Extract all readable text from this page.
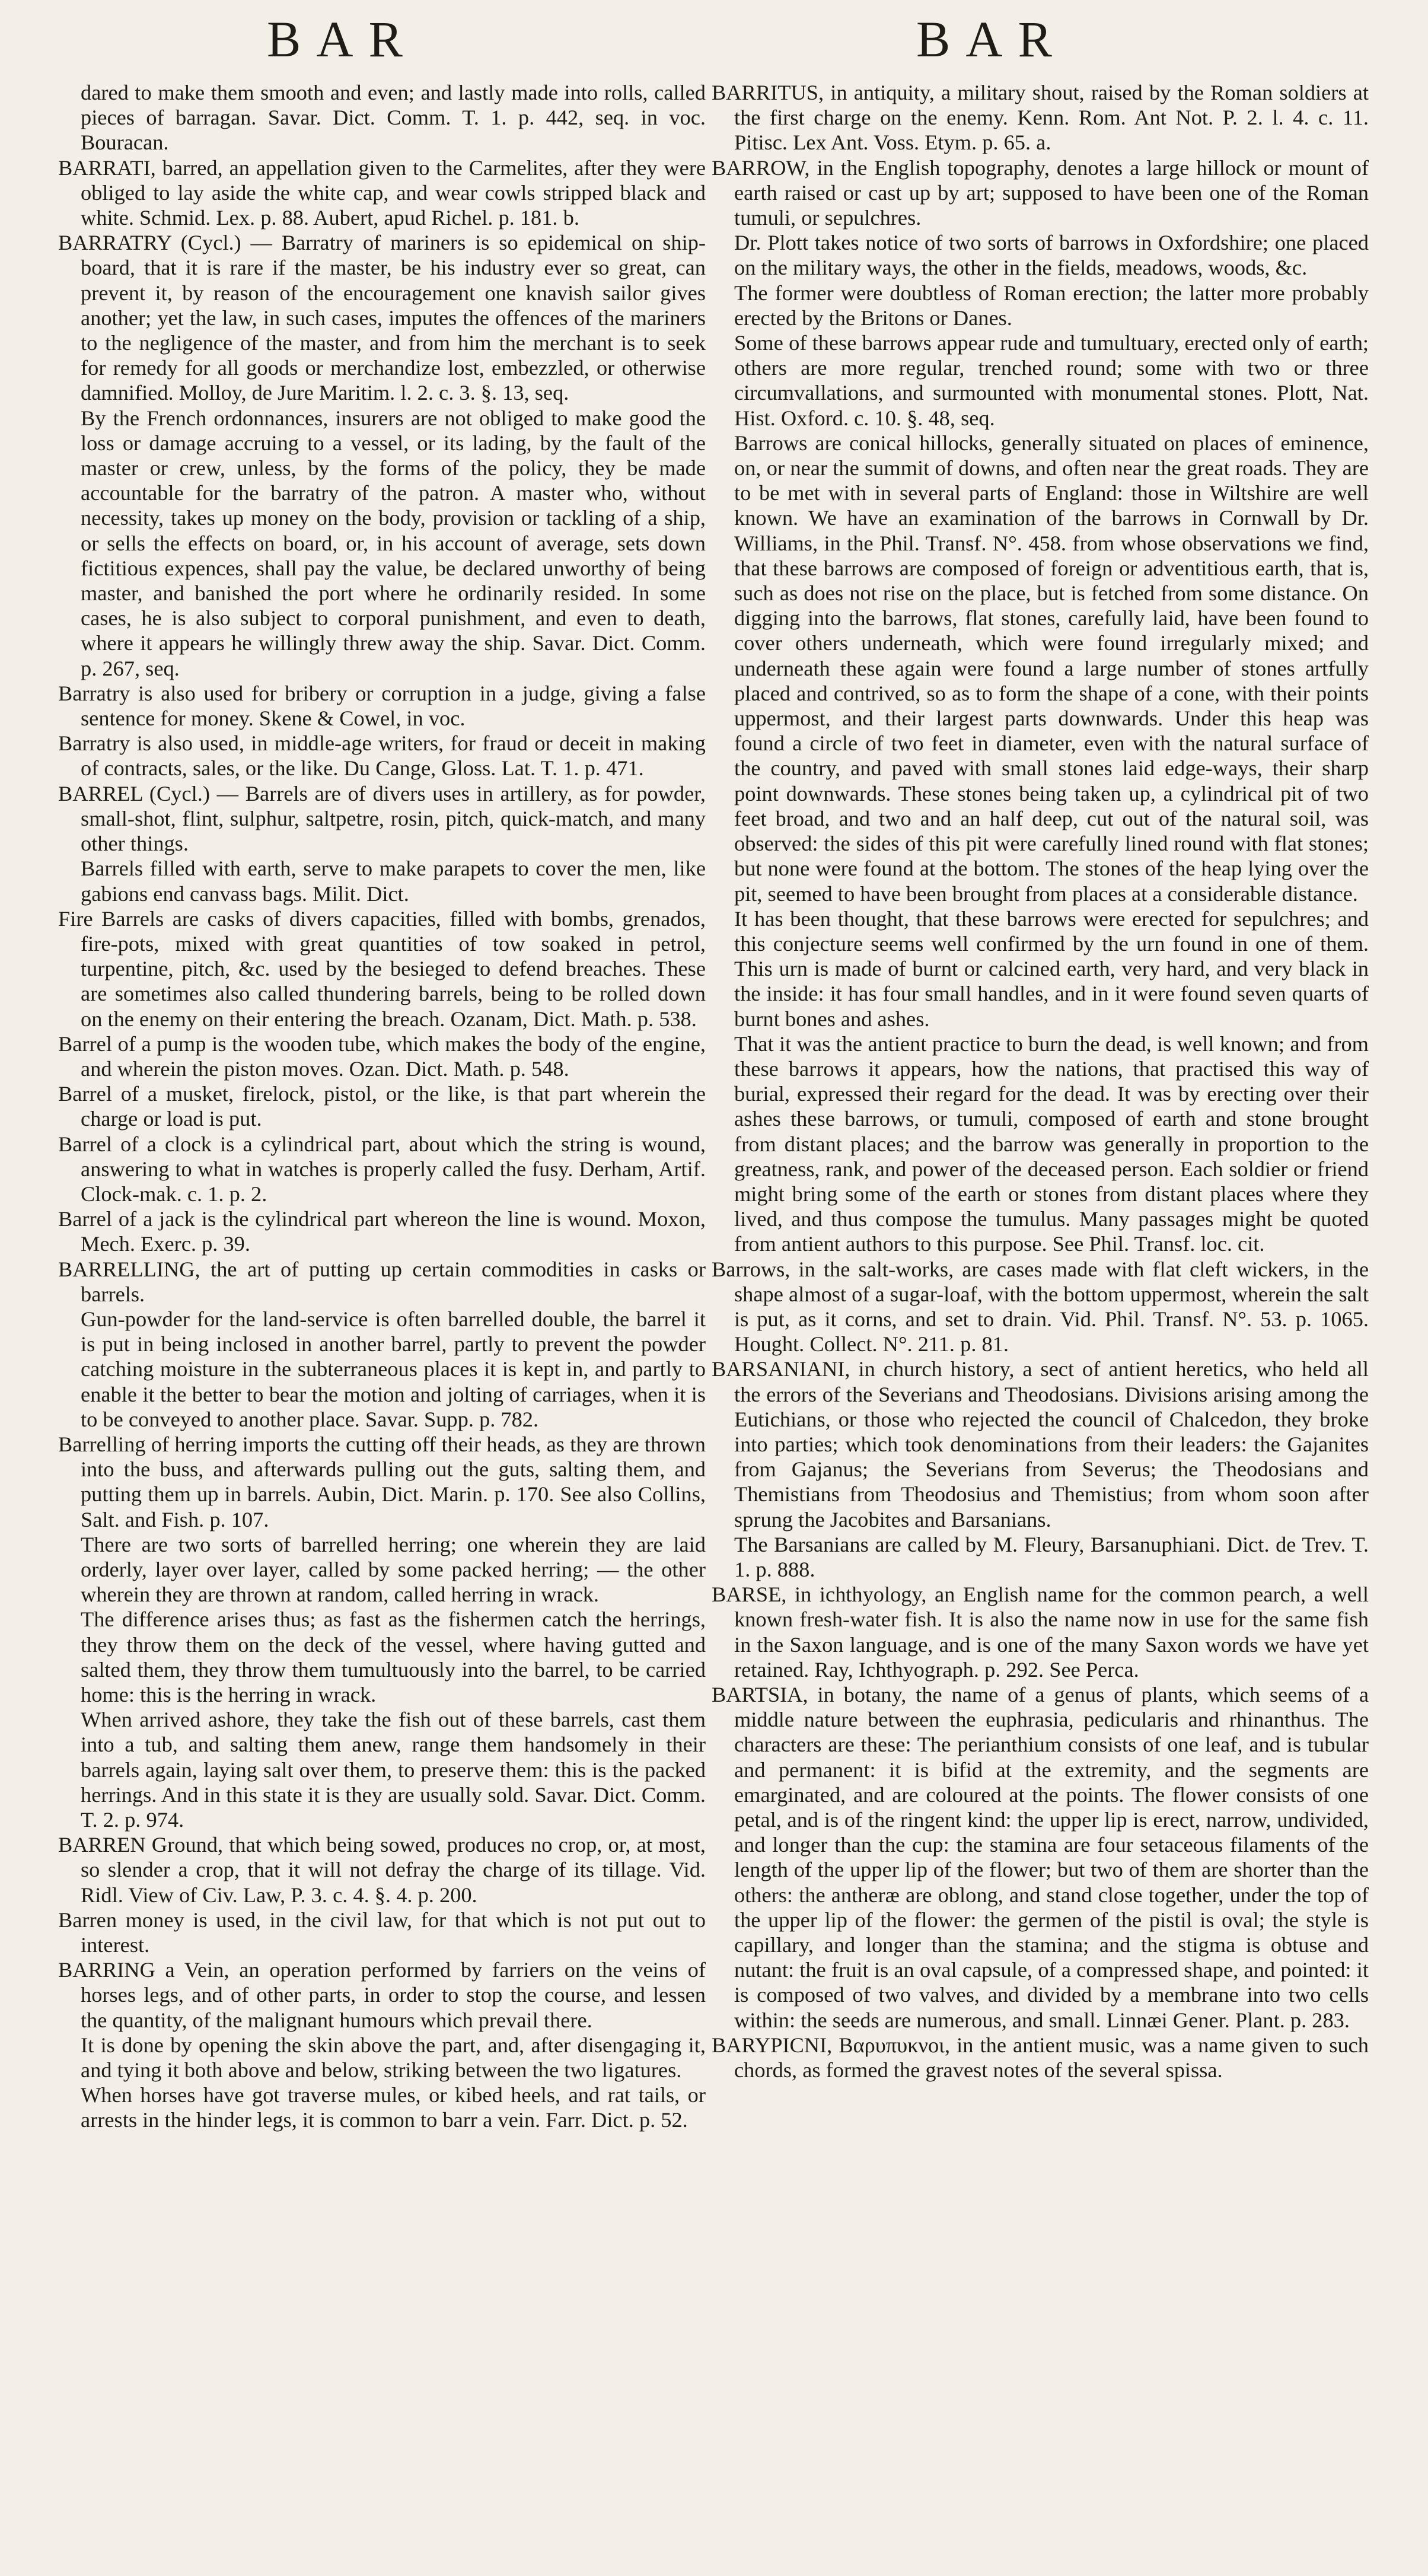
BAR	BAR

dared to make them smooth and even; and lastly made into rolls, called pieces of barragan. Savar. Dict. Comm. T. 1. p. 442, seq. in voc. Bouracan.

BARRATI, barred, an appellation given to the Carmelites, after they were obliged to lay aside the white cap, and wear cowls stripped black and white. Schmid. Lex. p. 88. Aubert, apud Richel. p. 181. b.

BARRATRY (Cycl.) — Barratry of mariners is so epidemical on ship-board, that it is rare if the master, be his industry ever so great, can prevent it, by reason of the encouragement one knavish sailor gives another; yet the law, in such cases, imputes the offences of the mariners to the negligence of the master, and from him the merchant is to seek for remedy for all goods or merchandize lost, embezzled, or otherwise damnified. Molloy, de Jure Maritim. l. 2. c. 3. §. 13, seq.

By the French ordonnances, insurers are not obliged to make good the loss or damage accruing to a vessel, or its lading, by the fault of the master or crew, unless, by the forms of the policy, they be made accountable for the barratry of the patron. A master who, without necessity, takes up money on the body, provision or tackling of a ship, or sells the effects on board, or, in his account of average, sets down fictitious expences, shall pay the value, be declared unworthy of being master, and banished the port where he ordinarily resided. In some cases, he is also subject to corporal punishment, and even to death, where it appears he willingly threw away the ship. Savar. Dict. Comm. p. 267, seq.

Barratry is also used for bribery or corruption in a judge, giving a false sentence for money. Skene & Cowel, in voc.

Barratry is also used, in middle-age writers, for fraud or deceit in making of contracts, sales, or the like. Du Cange, Gloss. Lat. T. 1. p. 471.

BARREL (Cycl.) — Barrels are of divers uses in artillery, as for powder, small-shot, flint, sulphur, saltpetre, rosin, pitch, quick-match, and many other things.

Barrels filled with earth, serve to make parapets to cover the men, like gabions end canvass bags. Milit. Dict.

Fire Barrels are casks of divers capacities, filled with bombs, grenados, fire-pots, mixed with great quantities of tow soaked in petrol, turpentine, pitch, &c. used by the besieged to defend breaches. These are sometimes also called thundering barrels, being to be rolled down on the enemy on their entering the breach. Ozanam, Dict. Math. p. 538.

Barrel of a pump is the wooden tube, which makes the body of the engine, and wherein the piston moves. Ozan. Dict. Math. p. 548.

Barrel of a musket, firelock, pistol, or the like, is that part wherein the charge or load is put.

Barrel of a clock is a cylindrical part, about which the string is wound, answering to what in watches is properly called the fusy. Derham, Artif. Clock-mak. c. 1. p. 2.

Barrel of a jack is the cylindrical part whereon the line is wound. Moxon, Mech. Exerc. p. 39.

BARRELLING, the art of putting up certain commodities in casks or barrels.

Gun-powder for the land-service is often barrelled double, the barrel it is put in being inclosed in another barrel, partly to prevent the powder catching moisture in the subterraneous places it is kept in, and partly to enable it the better to bear the motion and jolting of carriages, when it is to be conveyed to another place. Savar. Supp. p. 782.

Barrelling of herring imports the cutting off their heads, as they are thrown into the buss, and afterwards pulling out the guts, salting them, and putting them up in barrels. Aubin, Dict. Marin. p. 170. See also Collins, Salt. and Fish. p. 107.

There are two sorts of barrelled herring; one wherein they are laid orderly, layer over layer, called by some packed herring; — the other wherein they are thrown at random, called herring in wrack.

The difference arises thus; as fast as the fishermen catch the herrings, they throw them on the deck of the vessel, where having gutted and salted them, they throw them tumultuously into the barrel, to be carried home: this is the herring in wrack.

When arrived ashore, they take the fish out of these barrels, cast them into a tub, and salting them anew, range them handsomely in their barrels again, laying salt over them, to preserve them: this is the packed herrings. And in this state it is they are usually sold. Savar. Dict. Comm. T. 2. p. 974.

BARREN Ground, that which being sowed, produces no crop, or, at most, so slender a crop, that it will not defray the charge of its tillage. Vid. Ridl. View of Civ. Law, P. 3. c. 4. §. 4. p. 200.

Barren money is used, in the civil law, for that which is not put out to interest.

BARRING a Vein, an operation performed by farriers on the veins of horses legs, and of other parts, in order to stop the course, and lessen the quantity, of the malignant humours which prevail there.

It is done by opening the skin above the part, and, after disengaging it, and tying it both above and below, striking between the two ligatures.

When horses have got traverse mules, or kibed heels, and rat tails, or arrests in the hinder legs, it is common to barr a vein. Farr. Dict. p. 52.

BARRITUS, in antiquity, a military shout, raised by the Roman soldiers at the first charge on the enemy. Kenn. Rom. Ant Not. P. 2. l. 4. c. 11. Pitisc. Lex Ant. Voss. Etym. p. 65. a.

BARROW, in the English topography, denotes a large hillock or mount of earth raised or cast up by art; supposed to have been one of the Roman tumuli, or sepulchres.

Dr. Plott takes notice of two sorts of barrows in Oxfordshire; one placed on the military ways, the other in the fields, meadows, woods, &c.

The former were doubtless of Roman erection; the latter more probably erected by the Britons or Danes.

Some of these barrows appear rude and tumultuary, erected only of earth; others are more regular, trenched round; some with two or three circumvallations, and surmounted with monumental stones. Plott, Nat. Hist. Oxford. c. 10. §. 48, seq.

Barrows are conical hillocks, generally situated on places of eminence, on, or near the summit of downs, and often near the great roads. They are to be met with in several parts of England: those in Wiltshire are well known. We have an examination of the barrows in Cornwall by Dr. Williams, in the Phil. Transf. N°. 458. from whose observations we find, that these barrows are composed of foreign or adventitious earth, that is, such as does not rise on the place, but is fetched from some distance. On digging into the barrows, flat stones, carefully laid, have been found to cover others underneath, which were found irregularly mixed; and underneath these again were found a large number of stones artfully placed and contrived, so as to form the shape of a cone, with their points uppermost, and their largest parts downwards. Under this heap was found a circle of two feet in diameter, even with the natural surface of the country, and paved with small stones laid edge-ways, their sharp point downwards. These stones being taken up, a cylindrical pit of two feet broad, and two and an half deep, cut out of the natural soil, was observed: the sides of this pit were carefully lined round with flat stones; but none were found at the bottom. The stones of the heap lying over the pit, seemed to have been brought from places at a considerable distance.

It has been thought, that these barrows were erected for sepulchres; and this conjecture seems well confirmed by the urn found in one of them. This urn is made of burnt or calcined earth, very hard, and very black in the inside: it has four small handles, and in it were found seven quarts of burnt bones and ashes.

That it was the antient practice to burn the dead, is well known; and from these barrows it appears, how the nations, that practised this way of burial, expressed their regard for the dead. It was by erecting over their ashes these barrows, or tumuli, composed of earth and stone brought from distant places; and the barrow was generally in proportion to the greatness, rank, and power of the deceased person. Each soldier or friend might bring some of the earth or stones from distant places where they lived, and thus compose the tumulus. Many passages might be quoted from antient authors to this purpose. See Phil. Transf. loc. cit.

Barrows, in the salt-works, are cases made with flat cleft wickers, in the shape almost of a sugar-loaf, with the bottom uppermost, wherein the salt is put, as it corns, and set to drain. Vid. Phil. Transf. N°. 53. p. 1065. Hought. Collect. N°. 211. p. 81.

BARSANIANI, in church history, a sect of antient heretics, who held all the errors of the Severians and Theodosians. Divisions arising among the Eutichians, or those who rejected the council of Chalcedon, they broke into parties; which took denominations from their leaders: the Gajanites from Gajanus; the Severians from Severus; the Theodosians and Themistians from Theodosius and Themistius; from whom soon after sprung the Jacobites and Barsanians.

The Barsanians are called by M. Fleury, Barsanuphiani. Dict. de Trev. T. 1. p. 888.

BARSE, in ichthyology, an English name for the common pearch, a well known fresh-water fish. It is also the name now in use for the same fish in the Saxon language, and is one of the many Saxon words we have yet retained. Ray, Ichthyograph. p. 292. See Perca.

BARTSIA, in botany, the name of a genus of plants, which seems of a middle nature between the euphrasia, pedicularis and rhinanthus. The characters are these: The perianthium consists of one leaf, and is tubular and permanent: it is bifid at the extremity, and the segments are emarginated, and are coloured at the points. The flower consists of one petal, and is of the ringent kind: the upper lip is erect, narrow, undivided, and longer than the cup: the stamina are four setaceous filaments of the length of the upper lip of the flower; but two of them are shorter than the others: the antheræ are oblong, and stand close together, under the top of the upper lip of the flower: the germen of the pistil is oval; the style is capillary, and longer than the stamina; and the stigma is obtuse and nutant: the fruit is an oval capsule, of a compressed shape, and pointed: it is composed of two valves, and divided by a membrane into two cells within: the seeds are numerous, and small. Linnæi Gener. Plant. p. 283.

BARYPICNI, Βαρυπυκνοι, in the antient music, was a name given to such chords, as formed the gravest notes of the several spissa.
